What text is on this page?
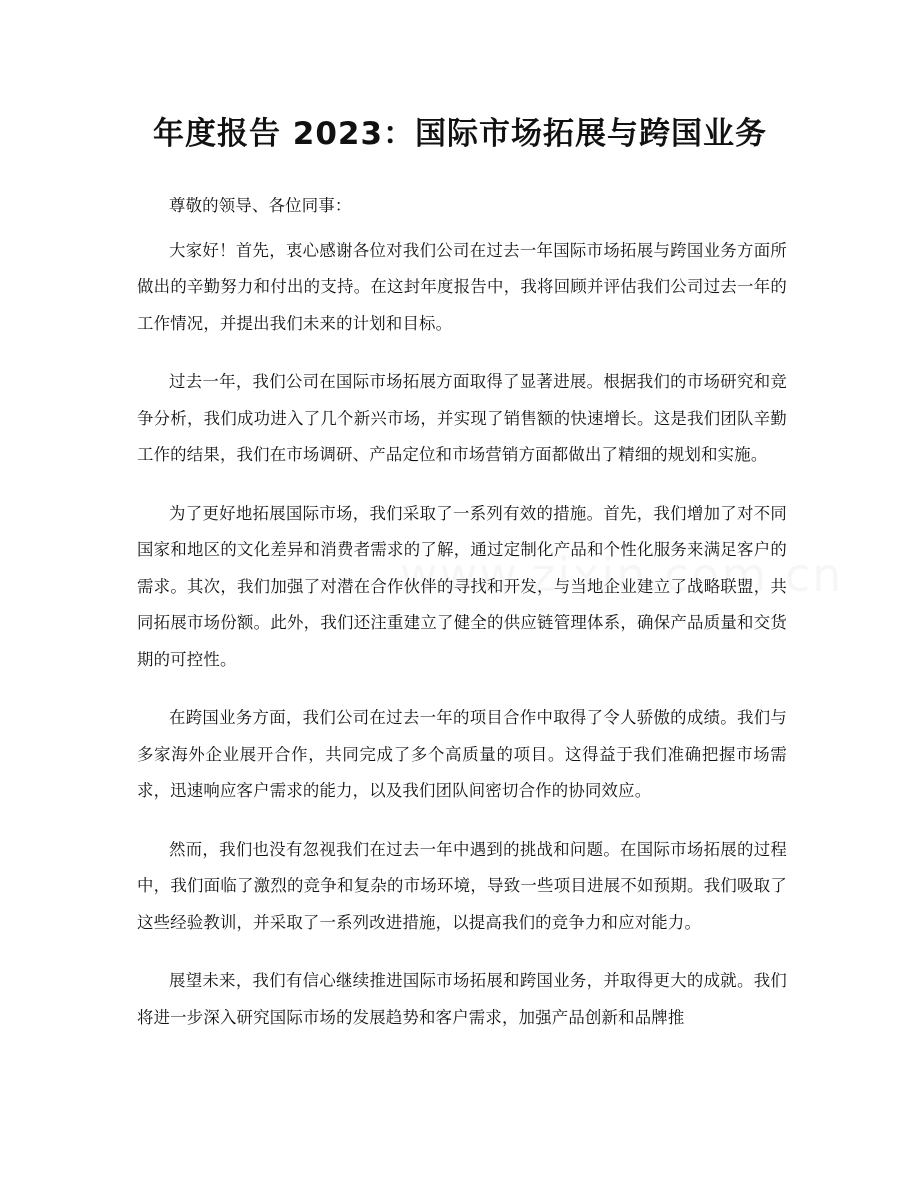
年度报告 2023：国际市场拓展与跨国业务

尊敬的领导、各位同事：

大家好！首先，衷心感谢各位对我们公司在过去一年国际市场拓展与跨国业务方面所做出的辛勤努力和付出的支持。在这封年度报告中，我将回顾并评估我们公司过去一年的工作情况，并提出我们未来的计划和目标。

过去一年，我们公司在国际市场拓展方面取得了显著进展。根据我们的市场研究和竞争分析，我们成功进入了几个新兴市场，并实现了销售额的快速增长。这是我们团队辛勤工作的结果，我们在市场调研、产品定位和市场营销方面都做出了精细的规划和实施。

为了更好地拓展国际市场，我们采取了一系列有效的措施。首先，我们增加了对不同国家和地区的文化差异和消费者需求的了解，通过定制化产品和个性化服务来满足客户的需求。其次，我们加强了对潜在合作伙伴的寻找和开发，与当地企业建立了战略联盟，共同拓展市场份额。此外，我们还注重建立了健全的供应链管理体系，确保产品质量和交货期的可控性。

在跨国业务方面，我们公司在过去一年的项目合作中取得了令人骄傲的成绩。我们与多家海外企业展开合作，共同完成了多个高质量的项目。这得益于我们准确把握市场需求，迅速响应客户需求的能力，以及我们团队间密切合作的协同效应。

然而，我们也没有忽视我们在过去一年中遇到的挑战和问题。在国际市场拓展的过程中，我们面临了激烈的竞争和复杂的市场环境，导致一些项目进展不如预期。我们吸取了这些经验教训，并采取了一系列改进措施，以提高我们的竞争力和应对能力。

展望未来，我们有信心继续推进国际市场拓展和跨国业务，并取得更大的成就。我们将进一步深入研究国际市场的发展趋势和客户需求，加强产品创新和品牌推
